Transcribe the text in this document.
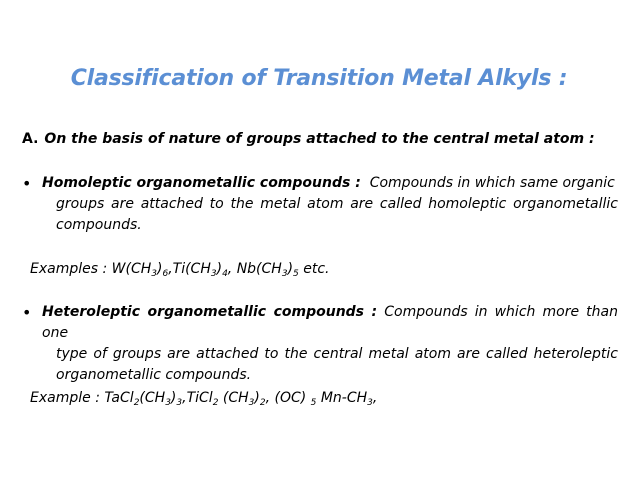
Classification of Transition Metal Alkyls :
A. On the basis of nature of groups attached to the central metal atom :
• Homoleptic organometallic compounds : Compounds in which same organic
groups are attached to the metal atom are called homoleptic organometallic compounds.
Examples : $W(CH_3)_6,Ti(CH_3)_4$, $Nb(CH_3)_5$ etc.
• Heteroleptic organometallic compounds : Compounds in which more than one
type of groups are attached to the central metal atom are called heteroleptic organometallic compounds.
Example : $TaCl_2(CH_3)_3,TiCl_2$ $(CH_3)_2$, (OC) $_5$ $Mn-CH_3$,
